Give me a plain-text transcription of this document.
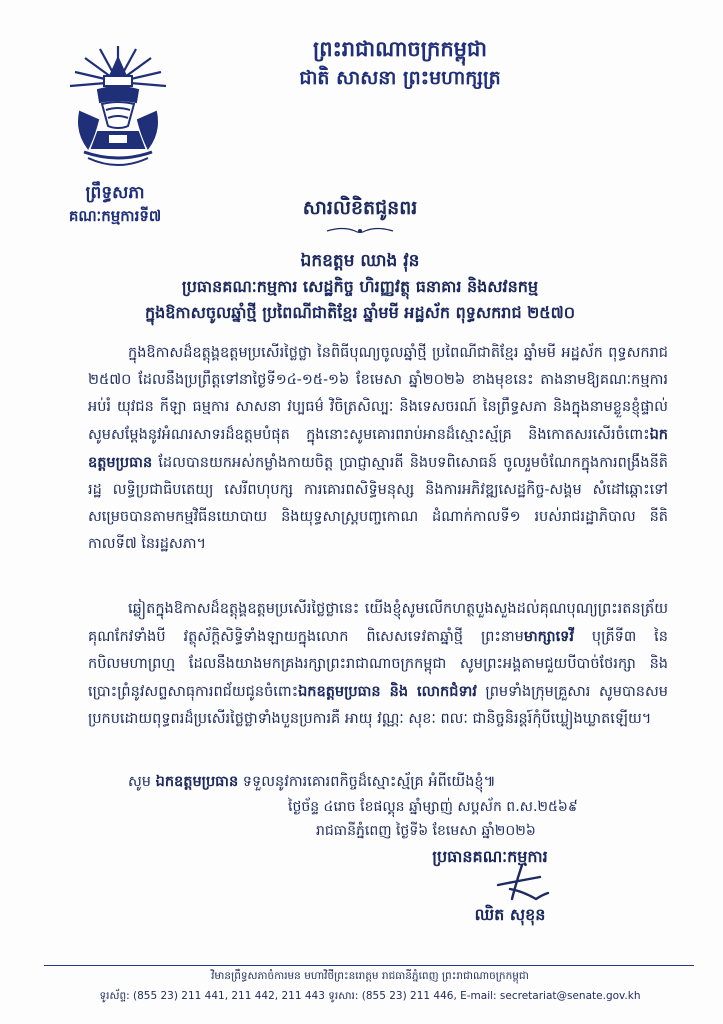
ព្រះរាជាណាចក្រកម្ពុជា
ជាតិ សាសនា ព្រះមហាក្សត្រ
ព្រឹទ្ធសភា
គណៈកម្មការទី៧	សារលិខិតជូនពរ
ឯកឧត្តម ឈាង វុន
ប្រធានគណៈកម្មការ សេដ្ឋកិច្ច ហិរញ្ញវត្ថុ ធនាគារ និងសវនកម្ម
ក្នុងឱកាសចូលឆ្នាំថ្មី ប្រពៃណីជាតិខ្មែរ ឆ្នាំមមី អដ្ឋស័ក ពុទ្ធសករាជ ២៥៧០
ក្នុងឱកាសដ៏ឧត្តុង្គឧត្តមប្រសើរថ្លៃថ្លា នៃពិធីបុណ្យចូលឆ្នាំថ្មី ប្រពៃណីជាតិខ្មែរ ឆ្នាំមមី អដ្ឋស័ក ពុទ្ធសករាជ ២៥៧០ ដែលនឹងប្រព្រឹត្តទៅនាថ្ងៃទី១៤-១៥-១៦ ខែមេសា ឆ្នាំ២០២៦ ខាងមុខនេះ តាងនាមឱ្យគណៈកម្មការអប់រំ យុវជន កីឡា ធម្មការ សាសនា វប្បធម៌ វិចិត្រសិល្បៈ និងទេសចរណ៍ នៃព្រឹទ្ធសភា និងក្នុងនាមខ្លួនខ្ញុំផ្ទាល់ សូមសម្តែងនូវអំណរសាទរដ៏ឧត្តមបំផុត ក្នុងនោះសូមគោរពរាប់អានដ៏ស្មោះស្ម័គ្រ និងកោតសរសើរចំពោះឯកឧត្តមប្រធាន ដែលបានយកអស់កម្លាំងកាយចិត្ត ប្រាជ្ញាស្មារតី និងបទពិសោធន៍ ចូលរួមចំណែកក្នុងការពង្រឹងនីតិរដ្ឋ លទ្ធិប្រជាធិបតេយ្យ សេរីពហុបក្ស ការគោរពសិទ្ធិមនុស្ស និងការអភិវឌ្ឍសេដ្ឋកិច្ច-សង្គម សំដៅឆ្ពោះទៅសម្រេចបានតាមកម្មវិធីនយោបាយ និងយុទ្ធសាស្ត្របញ្ចកោណ ដំណាក់កាលទី១ របស់រាជរដ្ឋាភិបាល នីតិកាលទី៧ នៃរដ្ឋសភា។
ឆ្លៀតក្នុងឱកាសដ៏ឧត្តុង្គឧត្តមប្រសើរថ្លៃថ្លានេះ យើងខ្ញុំសូមលើកហត្ថបួងសួងដល់គុណបុណ្យព្រះរតនត្រ័យគុណកែវទាំងបី វត្ថុស័ក្តិសិទ្ធិទាំងឡាយក្នុងលោក ពិសេសទេវតាឆ្នាំថ្មី ព្រះនាមមាក្សាទេវី បុត្រីទី៣ នៃកបិលមហាព្រហ្ម ដែលនឹងយាងមកគ្រងរក្សាព្រះរាជាណាចក្រកម្ពុជា សូមព្រះអង្គតាមជួយបីបាច់ថែរក្សា និងប្រោះព្រំនូវសព្ទសាធុការពជ័យជូនចំពោះឯកឧត្តមប្រធាន និង លោកជំទាវ ព្រមទាំងក្រុមគ្រួសារ សូមបានសមប្រកបដោយពុទ្ធពរដ៏ប្រសើរថ្លៃថ្លាទាំងបួនប្រការគឺ អាយុ វណ្ណៈ សុខៈ ពលៈ ជានិច្ចនិរន្តរ៍កុំបីឃ្លៀងឃ្លាតឡើយ។
សូម ឯកឧត្តមប្រធាន ទទួលនូវការគោរពកិច្ចដ៏ស្មោះស្ម័គ្រ អំពីយើងខ្ញុំ៕
ថ្ងៃច័ន្ទ ៤រោច ខែផល្គុន ឆ្នាំម្សាញ់ សប្តស័ក ព.ស.២៥៦៩
រាជធានីភ្នំពេញ ថ្ងៃទី៦ ខែមេសា ឆ្នាំ២០២៦
ប្រធានគណៈកម្មការ
ឈិត សុខុន
វិមានព្រឹទ្ធសភាចំការមន មហាវិថីព្រះនរោត្តម រាជធានីភ្នំពេញ ព្រះរាជាណាចក្រកម្ពុជា
ទូរស័ព្ទ: (855 23) 211 441, 211 442, 211 443 ទូរសារ: (855 23) 211 446, E-mail: secretariat@senate.gov.kh
